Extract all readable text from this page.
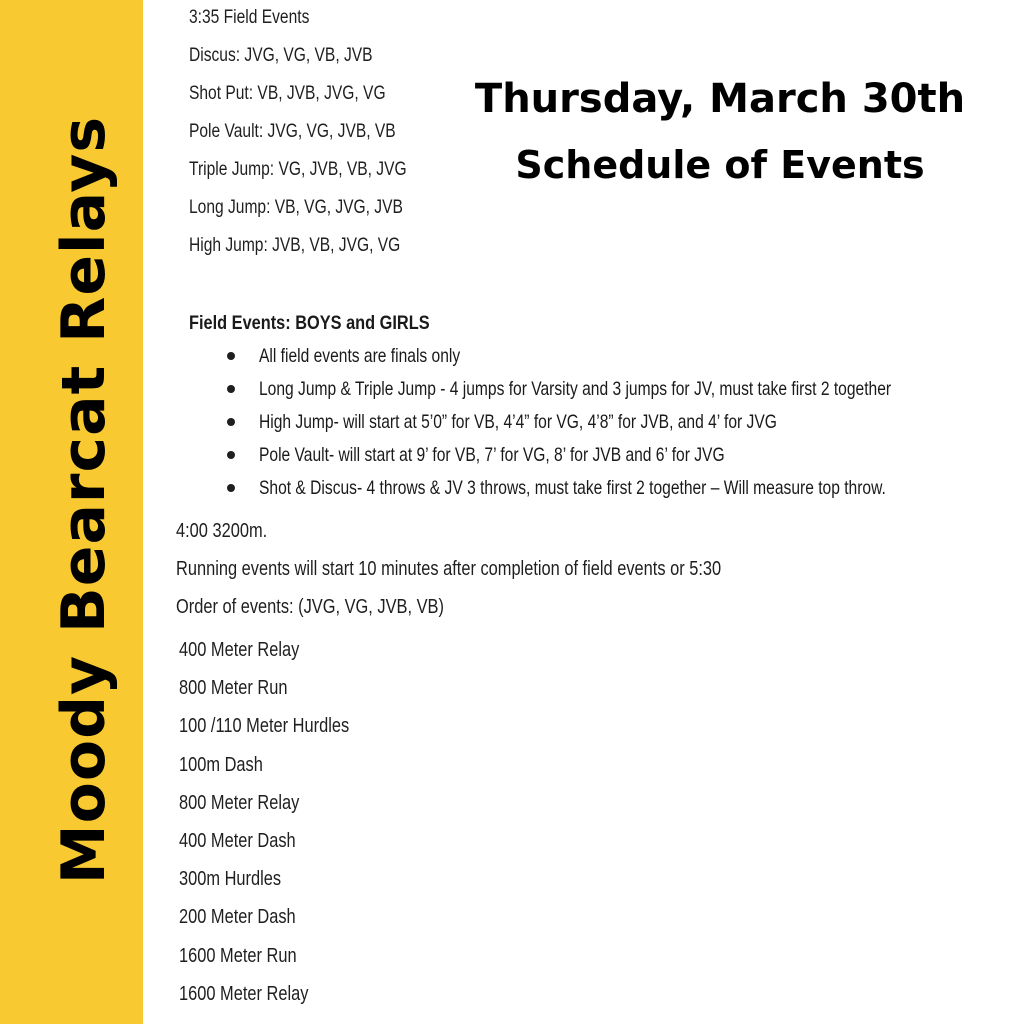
Moody Bearcat Relays
Thursday, March 30th
Schedule of Events
3:35 Field Events
Discus: JVG, VG, VB, JVB
Shot Put: VB, JVB, JVG, VG
Pole Vault: JVG, VG, JVB, VB
Triple Jump: VG, JVB, VB, JVG
Long Jump: VB, VG, JVG, JVB
High Jump: JVB, VB, JVG, VG
Field Events: BOYS and GIRLS
All field events are finals only
Long Jump & Triple Jump - 4 jumps for Varsity and 3 jumps for JV, must take first 2 together
High Jump- will start at 5’0” for VB, 4’4” for VG, 4’8” for JVB, and 4’ for JVG
Pole Vault- will start at 9’ for VB, 7’ for VG, 8’ for JVB and 6’ for JVG
Shot & Discus- 4 throws & JV 3 throws, must take first 2 together – Will measure top throw.
4:00 3200m.
Running events will start 10 minutes after completion of field events or 5:30
Order of events: (JVG, VG, JVB, VB)
400 Meter Relay
800 Meter Run
100 /110 Meter Hurdles
100m Dash
800 Meter Relay
400 Meter Dash
300m Hurdles
200 Meter Dash
1600 Meter Run
1600 Meter Relay
